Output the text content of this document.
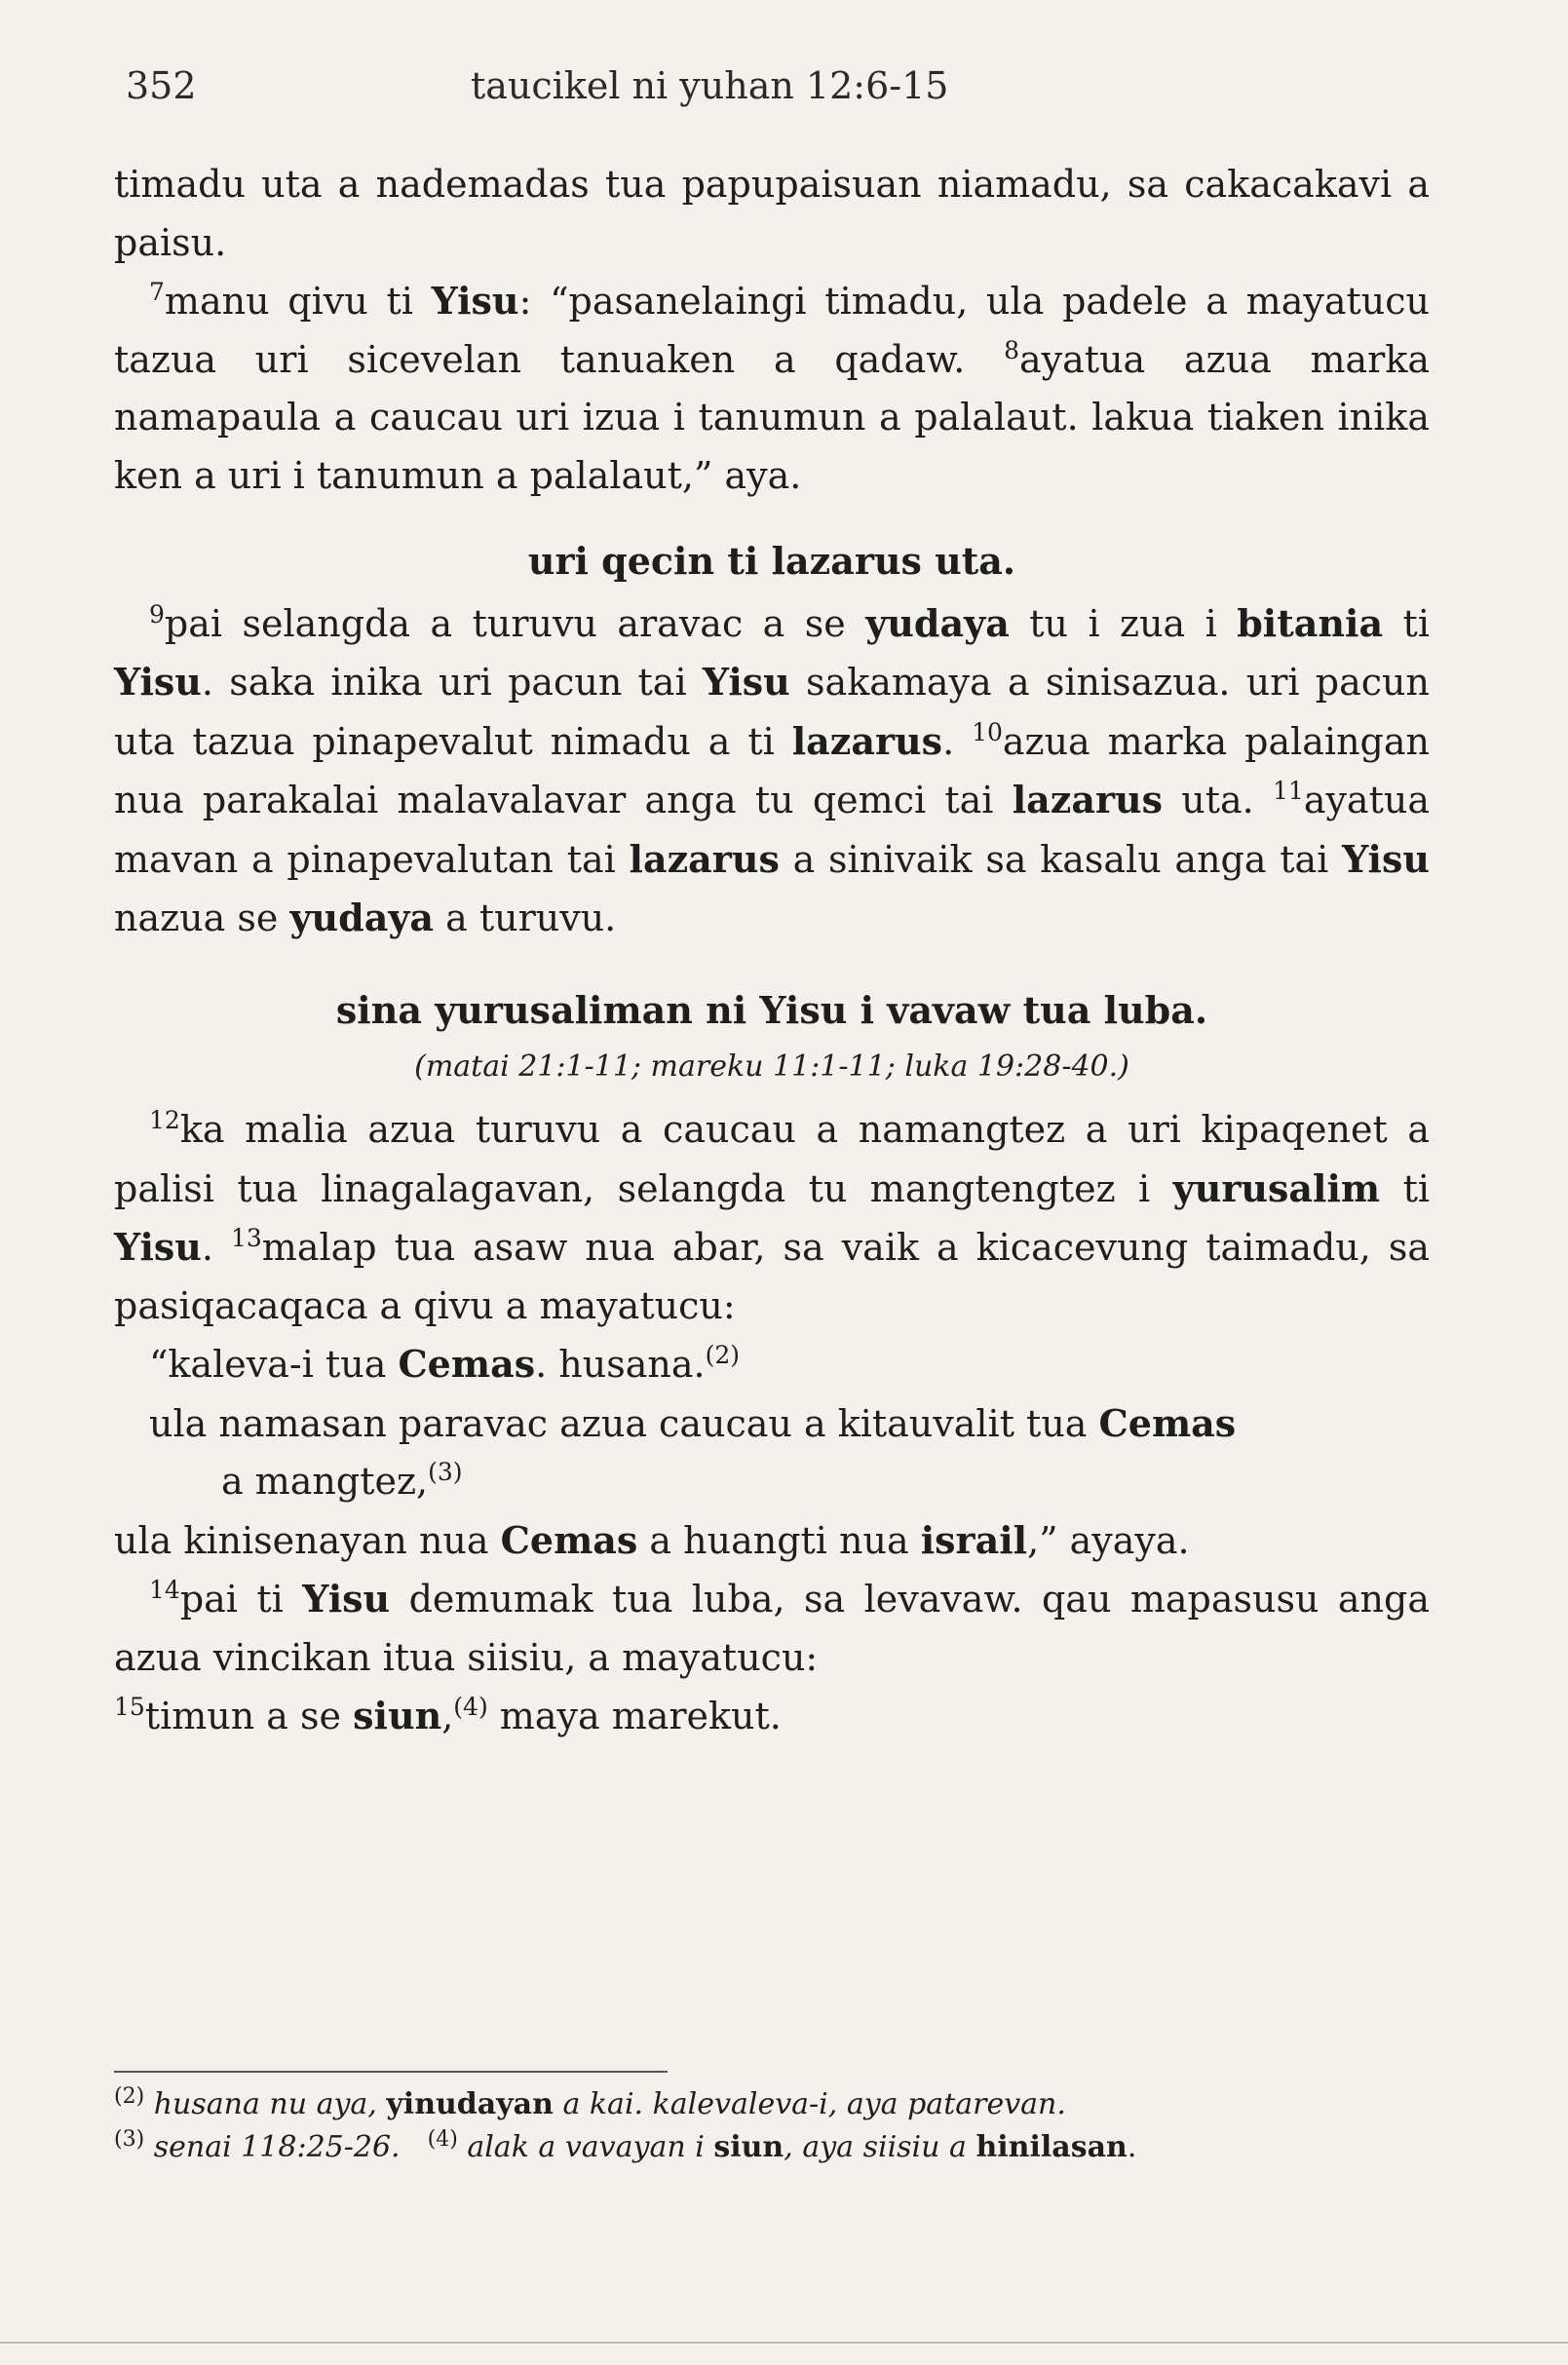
352	taucikel ni yuhan 12:6-15

timadu uta a nademadas tua papupaisuan niamadu, sa cakacakavi a paisu.

$^7$manu qivu ti Yisu: “pasanelaingi timadu, ula padele a mayatucu tazua uri sicevelan tanuaken a qadaw. $^8$ayatua azua marka namapaula a caucau uri izua i tanumun a palalaut. lakua tiaken inika ken a uri i tanumun a palalaut,” aya.

uri qecin ti lazarus uta.

$^9$pai selangda a turuvu aravac a se yudaya tu i zua i bitania ti Yisu. saka inika uri pacun tai Yisu sakamaya a sinisazua. uri pacun uta tazua pinapevalut nimadu a ti lazarus. $^{10}$azua marka palaingan nua parakalai malavalavar anga tu qemci tai lazarus uta. $^{11}$ayatua mavan a pinapevalutan tai lazarus a sinivaik sa kasalu anga tai Yisu nazua se yudaya a turuvu.

sina yurusaliman ni Yisu i vavaw tua luba.
(matai 21:1-11; mareku 11:1-11; luka 19:28-40.)

$^{12}$ka malia azua turuvu a caucau a namangtez a uri kipaqenet a palisi tua linagalagavan, selangda tu mangtengtez i yurusalim ti Yisu. $^{13}$malap tua asaw nua abar, sa vaik a kicacevung taimadu, sa pasiqacaqaca a qivu a mayatucu:

“kaleva-i tua Cemas. husana.$^{(2)}$

ula namasan paravac azua caucau a kitauvalit tua Cemas

a mangtez,$^{(3)}$

ula kinisenayan nua Cemas a huangti nua israil,” ayaya.

$^{14}$pai ti Yisu demumak tua luba, sa levavaw. qau mapasusu anga azua vincikan itua siisiu, a mayatucu:

$^{15}$timun a se siun,$^{(4)}$ maya marekut.

$^{(2)}$ husana nu aya, yinudayan a kai. kalevaleva-i, aya patarevan.
$^{(3)}$ senai 118:25-26. $^{(4)}$ alak a vavayan i siun, aya siisiu a hinilasan.
